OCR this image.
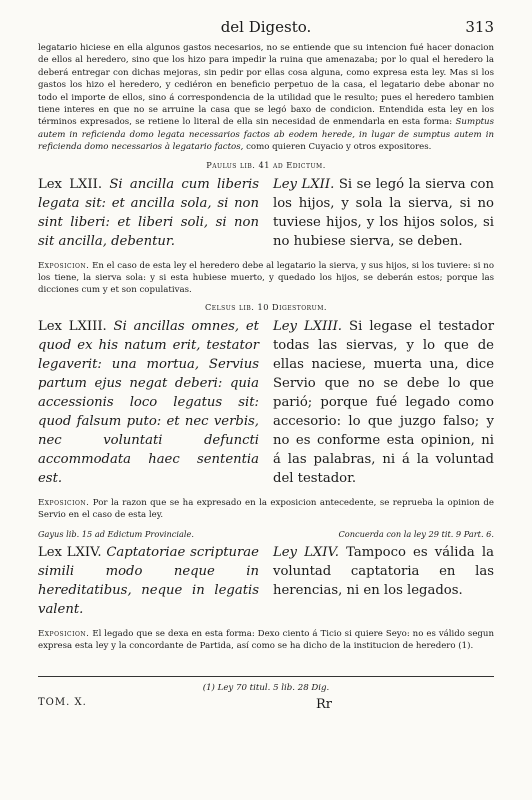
del Digesto.	313

legatario hiciese en ella algunos gastos necesarios, no se entiende que su intencion fué hacer donacion de ellos al heredero, sino que los hizo para impedir la ruina que amenazaba; por lo qual el heredero la deberá entregar con dichas mejoras, sin pedir por ellas cosa alguna, como expresa esta ley. Mas si los gastos los hizo el heredero, y cediéron en beneficio perpetuo de la casa, el legatario debe abonar no todo el importe de ellos, sino á correspondencia de la utilidad que le resulto; pues el heredero tambien tiene interes en que no se arruine la casa que se legó baxo de condicion. Entendida esta ley en los términos expresados, se retiene lo literal de ella sin necesidad de enmendarla en esta forma: Sumptus autem in reficienda domo legata necessarios factos ab eodem herede, in lugar de sumptus autem in reficienda domo necessarios à legatario factos, como quieren Cuyacio y otros expositores.

Paulus lib. 41 ad Edictum.
Lex LXII. Si ancilla cum liberis legata sit: et ancilla sola, si non sint liberi: et liberi soli, si non sit ancilla, debentur.
Ley LXII. Si se legó la sierva con los hijos, y sola la sierva, si no tuviese hijos, y los hijos solos, si no hubiese sierva, se deben.

Exposicion. En el caso de esta ley el heredero debe al legatario la sierva, y sus hijos, si los tuviere: si no los tiene, la sierva sola: y si esta hubiese muerto, y quedado los hijos, se deberán estos; porque las dicciones cum y et son copulativas.

Celsus lib. 10 Digestorum.
Lex LXIII. Si ancillas omnes, et quod ex his natum erit, testator legaverit: una mortua, Servius partum ejus negat deberi: quia accessionis loco legatus sit: quod falsum puto: et nec verbis, nec voluntati defuncti accommodata haec sententia est.
Ley LXIII. Si legase el testador todas las siervas, y lo que de ellas naciese, muerta una, dice Servio que no se debe lo que parió; porque fué legado como accesorio: lo que juzgo falso; y no es conforme esta opinion, ni á las palabras, ni á la voluntad del testador.

Exposicion. Por la razon que se ha expresado en la exposicion antecedente, se reprueba la opinion de Servio en el caso de esta ley.

Gayus lib. 15 ad Edictum Provinciale.	Concuerda con la ley 29 tit. 9 Part. 6.
Lex LXIV. Captatoriae scripturae simili modo neque in hereditatibus, neque in legatis valent.
Ley LXIV. Tampoco es válida la voluntad captatoria en las herencias, ni en los legados.

Exposicion. El legado que se dexa en esta forma: Dexo ciento á Ticio si quiere Seyo: no es válido segun expresa esta ley y la concordante de Partida, así como se ha dicho de la institucion de heredero (1).

(1) Ley 70 titul. 5 lib. 28 Dig.
TOM. X.	Rr
